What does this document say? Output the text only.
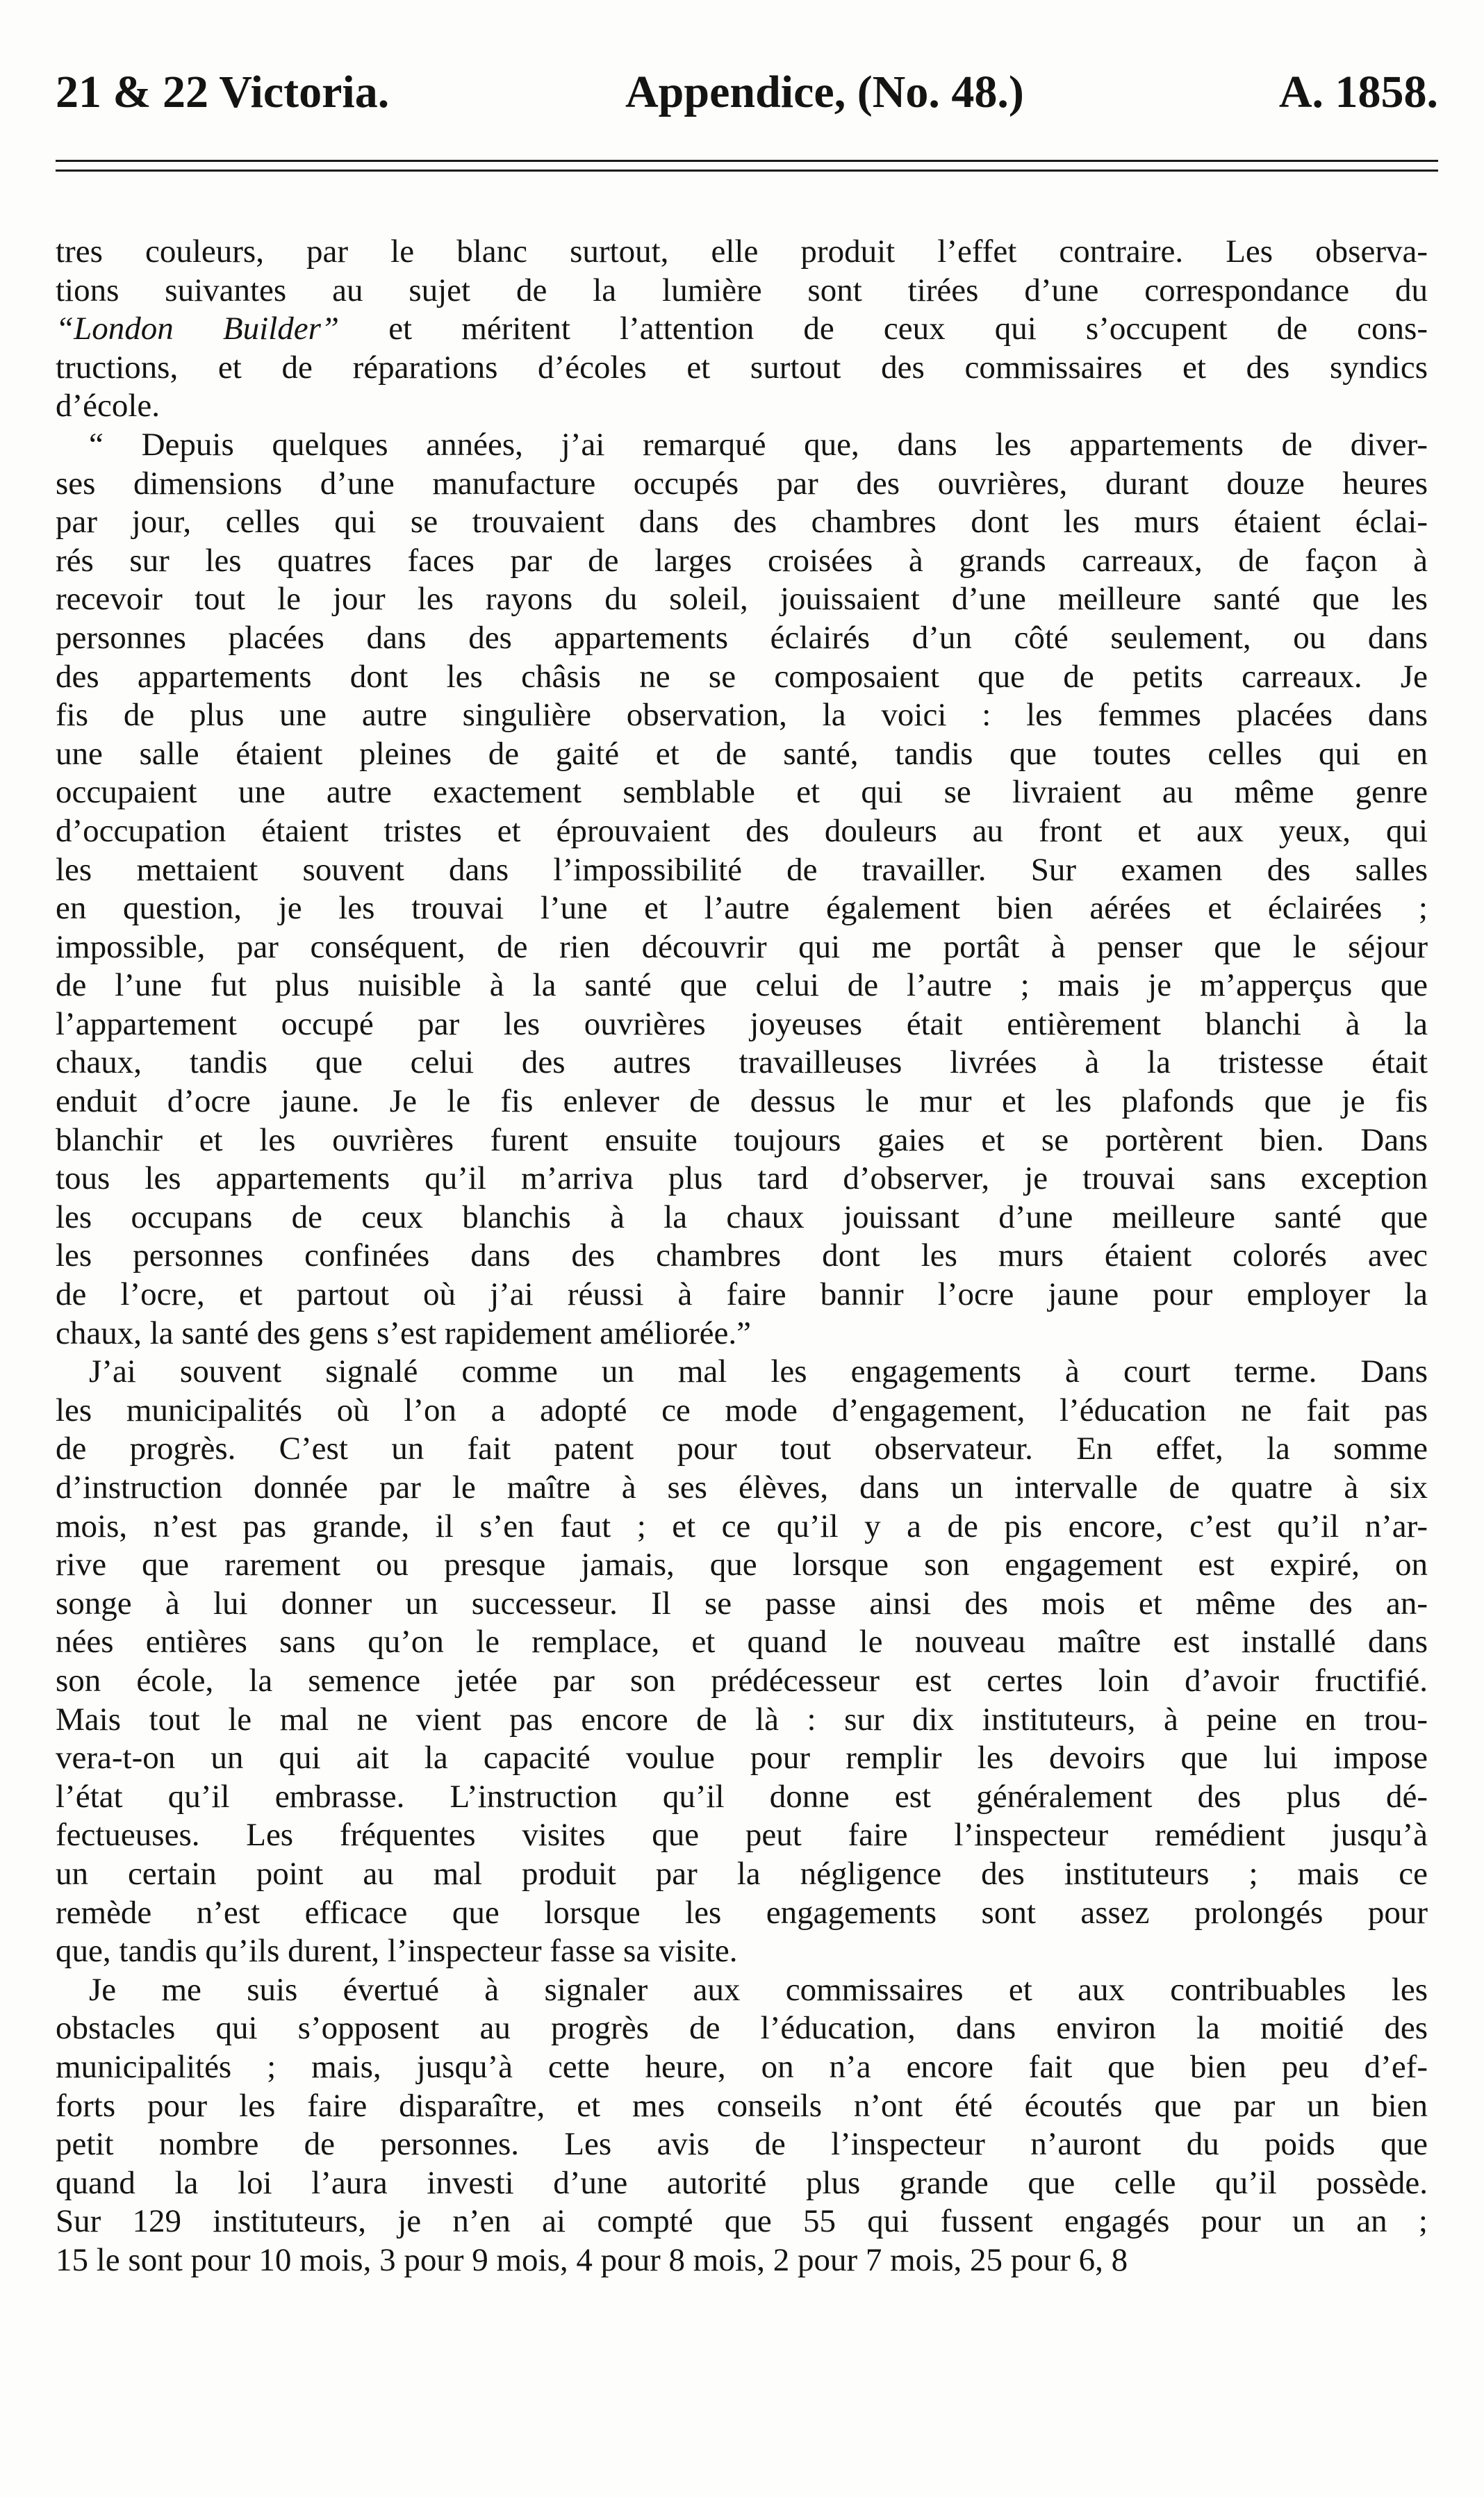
21 & 22 Victoria.	Appendice, (No. 48.)	A. 1858.

tres couleurs, par le blanc surtout, elle produit l’effet contraire. Les observa-
tions suivantes au sujet de la lumière sont tirées d’une correspondance du
“London Builder” et méritent l’attention de ceux qui s’occupent de cons-
tructions, et de réparations d’écoles et surtout des commissaires et des syndics
d’école.

“ Depuis quelques années, j’ai remarqué que, dans les appartements de diver-
ses dimensions d’une manufacture occupés par des ouvrières, durant douze heures
par jour, celles qui se trouvaient dans des chambres dont les murs étaient éclai-
rés sur les quatres faces par de larges croisées à grands carreaux, de façon à
recevoir tout le jour les rayons du soleil, jouissaient d’une meilleure santé que les
personnes placées dans des appartements éclairés d’un côté seulement, ou dans
des appartements dont les châsis ne se composaient que de petits carreaux. Je
fis de plus une autre singulière observation, la voici : les femmes placées dans
une salle étaient pleines de gaité et de santé, tandis que toutes celles qui en
occupaient une autre exactement semblable et qui se livraient au même genre
d’occupation étaient tristes et éprouvaient des douleurs au front et aux yeux, qui
les mettaient souvent dans l’impossibilité de travailler. Sur examen des salles
en question, je les trouvai l’une et l’autre également bien aérées et éclairées ;
impossible, par conséquent, de rien découvrir qui me portât à penser que le séjour
de l’une fut plus nuisible à la santé que celui de l’autre ; mais je m’apperçus que
l’appartement occupé par les ouvrières joyeuses était entièrement blanchi à la
chaux, tandis que celui des autres travailleuses livrées à la tristesse était
enduit d’ocre jaune. Je le fis enlever de dessus le mur et les plafonds que je fis
blanchir et les ouvrières furent ensuite toujours gaies et se portèrent bien. Dans
tous les appartements qu’il m’arriva plus tard d’observer, je trouvai sans exception
les occupans de ceux blanchis à la chaux jouissant d’une meilleure santé que
les personnes confinées dans des chambres dont les murs étaient colorés avec
de l’ocre, et partout où j’ai réussi à faire bannir l’ocre jaune pour employer la
chaux, la santé des gens s’est rapidement améliorée.”

J’ai souvent signalé comme un mal les engagements à court terme. Dans
les municipalités où l’on a adopté ce mode d’engagement, l’éducation ne fait pas
de progrès. C’est un fait patent pour tout observateur. En effet, la somme
d’instruction donnée par le maître à ses élèves, dans un intervalle de quatre à six
mois, n’est pas grande, il s’en faut ; et ce qu’il y a de pis encore, c’est qu’il n’ar-
rive que rarement ou presque jamais, que lorsque son engagement est expiré, on
songe à lui donner un successeur. Il se passe ainsi des mois et même des an-
nées entières sans qu’on le remplace, et quand le nouveau maître est installé dans
son école, la semence jetée par son prédécesseur est certes loin d’avoir fructifié.
Mais tout le mal ne vient pas encore de là : sur dix instituteurs, à peine en trou-
vera-t-on un qui ait la capacité voulue pour remplir les devoirs que lui impose
l’état qu’il embrasse. L’instruction qu’il donne est généralement des plus dé-
fectueuses. Les fréquentes visites que peut faire l’inspecteur remédient jusqu’à
un certain point au mal produit par la négligence des instituteurs ; mais ce
remède n’est efficace que lorsque les engagements sont assez prolongés pour
que, tandis qu’ils durent, l’inspecteur fasse sa visite.

Je me suis évertué à signaler aux commissaires et aux contribuables les
obstacles qui s’opposent au progrès de l’éducation, dans environ la moitié des
municipalités ; mais, jusqu’à cette heure, on n’a encore fait que bien peu d’ef-
forts pour les faire disparaître, et mes conseils n’ont été écoutés que par un bien
petit nombre de personnes. Les avis de l’inspecteur n’auront du poids que
quand la loi l’aura investi d’une autorité plus grande que celle qu’il possède.
Sur 129 instituteurs, je n’en ai compté que 55 qui fussent engagés pour un an ;
15 le sont pour 10 mois, 3 pour 9 mois, 4 pour 8 mois, 2 pour 7 mois, 25 pour 6, 8
